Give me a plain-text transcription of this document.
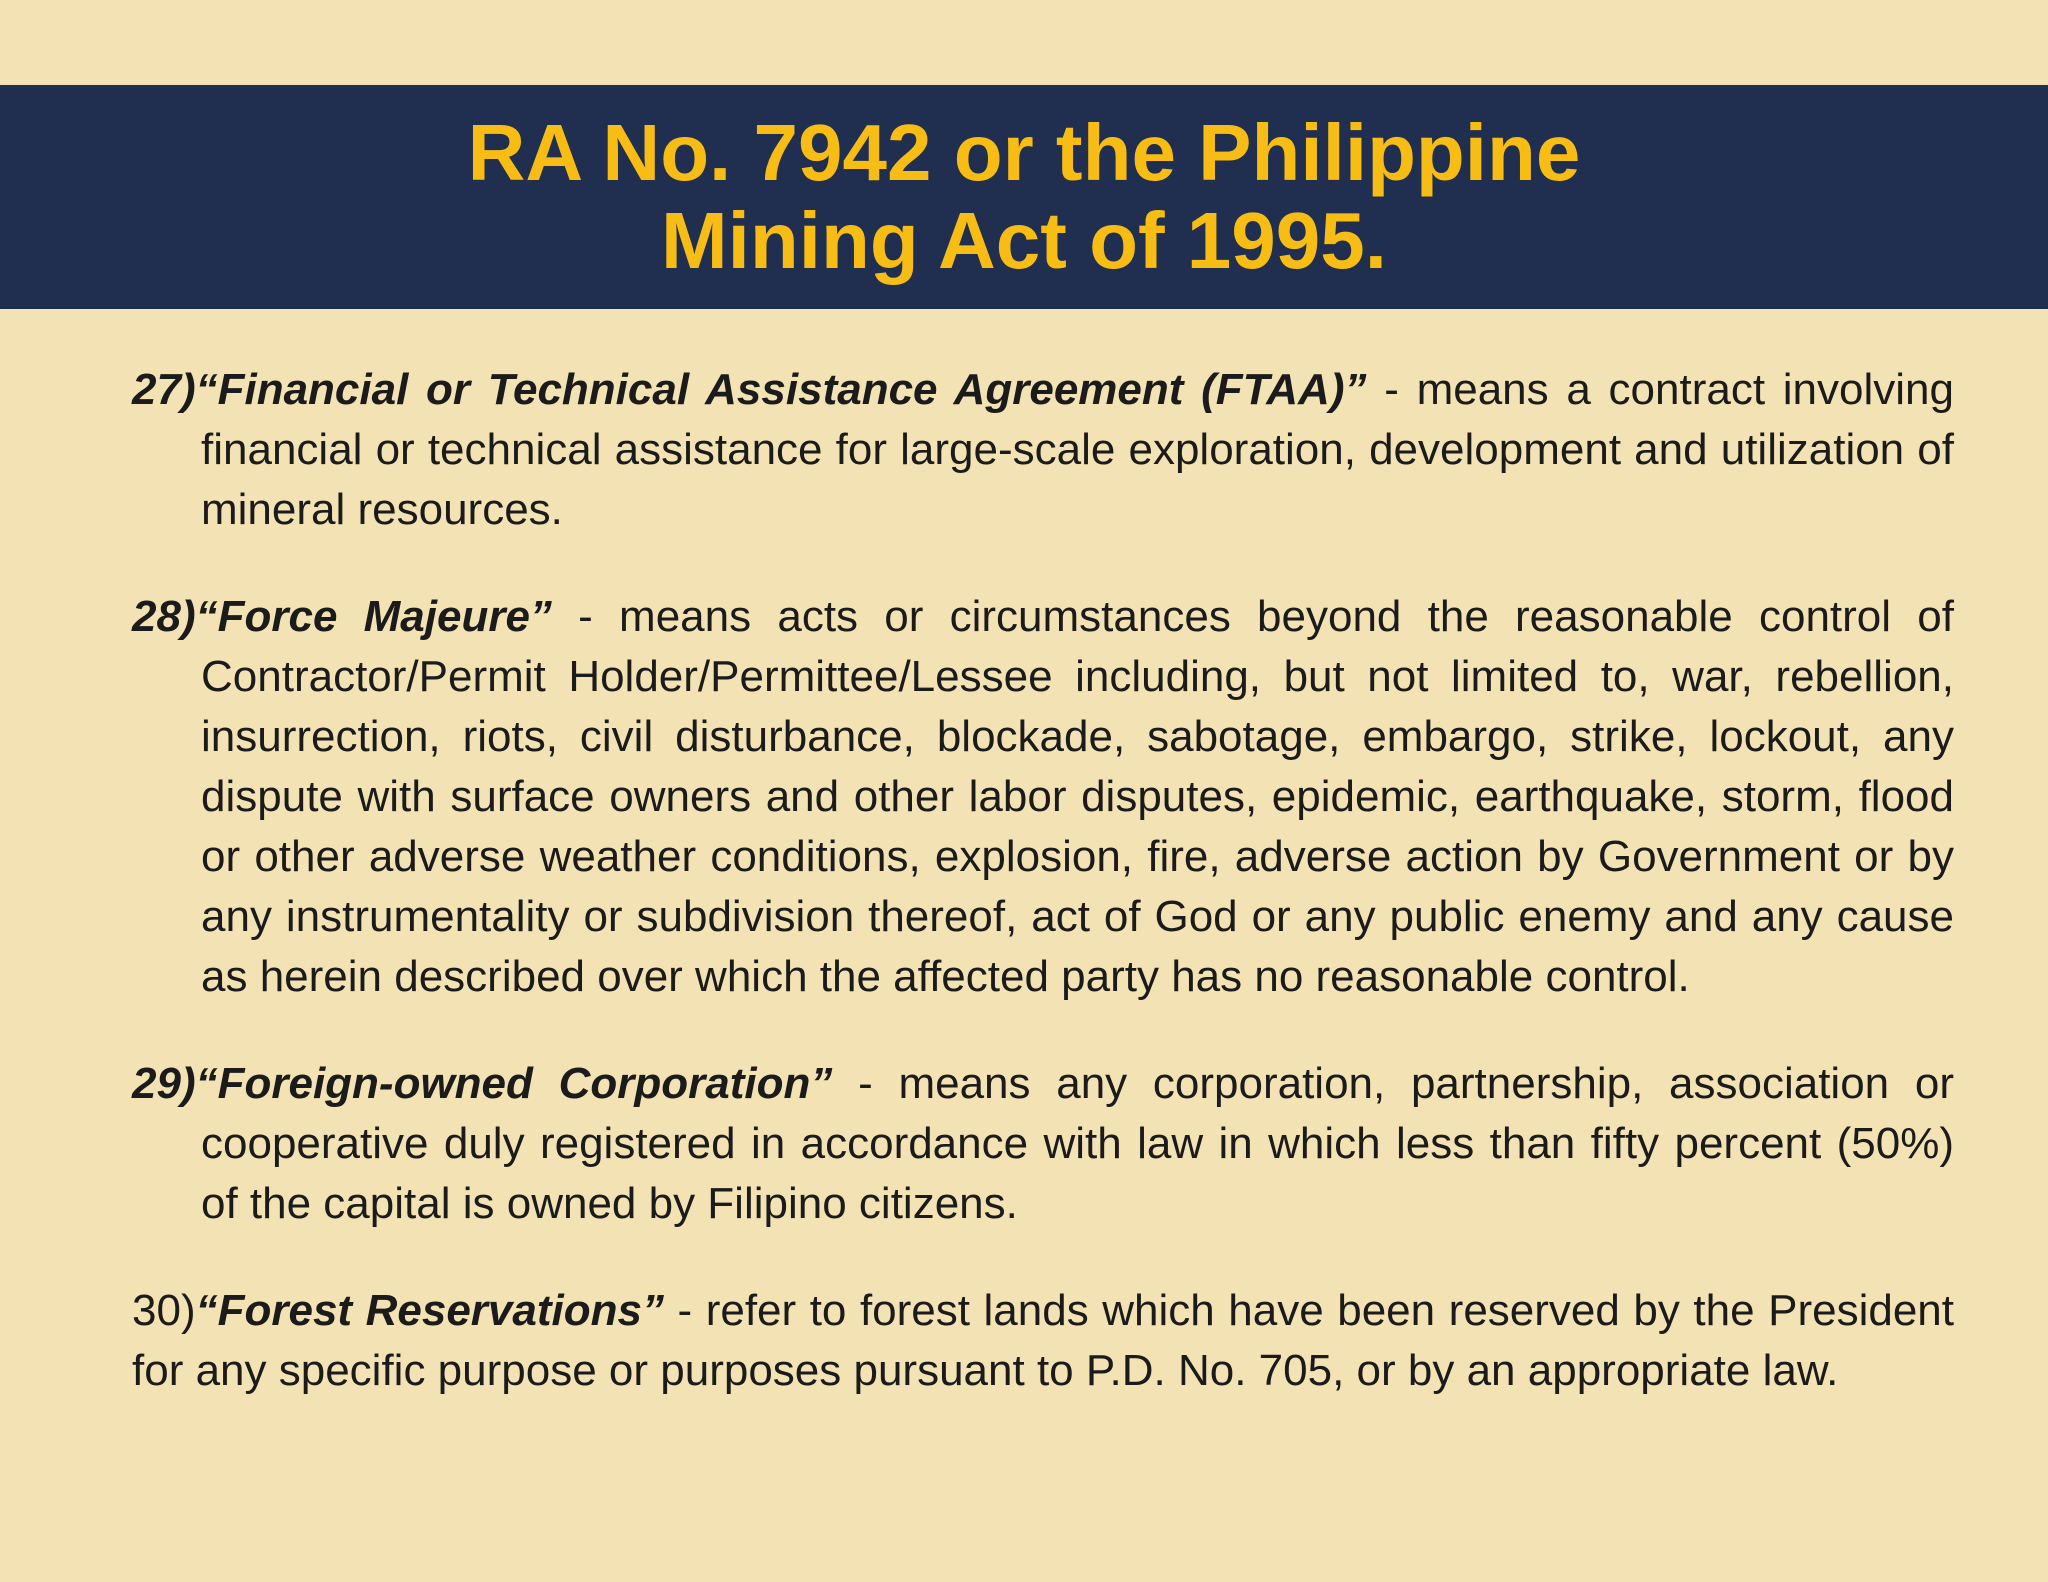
RA No. 7942 or the Philippine
Mining Act of 1995.

27)“Financial or Technical Assistance Agreement (FTAA)” - means a contract involving financial or technical assistance for large-scale exploration, development and utilization of mineral resources.

28)“Force Majeure” - means acts or circumstances beyond the reasonable control of Contractor/Permit Holder/Permittee/Lessee including, but not limited to, war, rebellion, insurrection, riots, civil disturbance, blockade, sabotage, embargo, strike, lockout, any dispute with surface owners and other labor disputes, epidemic, earthquake, storm, flood or other adverse weather conditions, explosion, fire, adverse action by Government or by any instrumentality or subdivision thereof, act of God or any public enemy and any cause as herein described over which the affected party has no reasonable control.

29)“Foreign-owned Corporation” - means any corporation, partnership, association or cooperative duly registered in accordance with law in which less than fifty percent (50%) of the capital is owned by Filipino citizens.

30)“Forest Reservations” - refer to forest lands which have been reserved by the President for any specific purpose or purposes pursuant to P.D. No. 705, or by an appropriate law.
